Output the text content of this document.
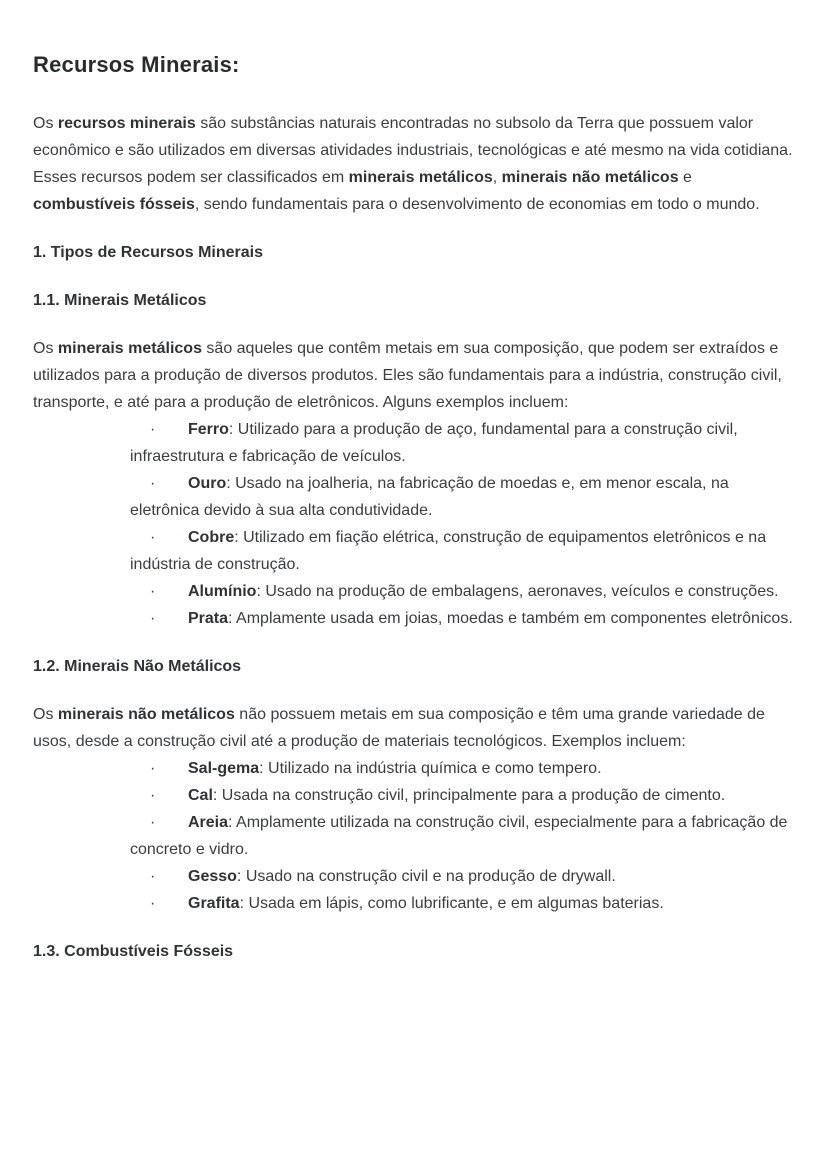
Recursos Minerais:

Os recursos minerais são substâncias naturais encontradas no subsolo da Terra que possuem valor econômico e são utilizados em diversas atividades industriais, tecnológicas e até mesmo na vida cotidiana. Esses recursos podem ser classificados em minerais metálicos, minerais não metálicos e combustíveis fósseis, sendo fundamentais para o desenvolvimento de economias em todo o mundo.

1. Tipos de Recursos Minerais
1.1. Minerais Metálicos

Os minerais metálicos são aqueles que contêm metais em sua composição, que podem ser extraídos e utilizados para a produção de diversos produtos. Eles são fundamentais para a indústria, construção civil, transporte, e até para a produção de eletrônicos. Alguns exemplos incluem:

· Ferro: Utilizado para a produção de aço, fundamental para a construção civil, infraestrutura e fabricação de veículos.
· Ouro: Usado na joalheria, na fabricação de moedas e, em menor escala, na eletrônica devido à sua alta condutividade.
· Cobre: Utilizado em fiação elétrica, construção de equipamentos eletrônicos e na indústria de construção.
· Alumínio: Usado na produção de embalagens, aeronaves, veículos e construções.
· Prata: Amplamente usada em joias, moedas e também em componentes eletrônicos.
1.2. Minerais Não Metálicos

Os minerais não metálicos não possuem metais em sua composição e têm uma grande variedade de usos, desde a construção civil até a produção de materiais tecnológicos. Exemplos incluem:

· Sal-gema: Utilizado na indústria química e como tempero.
· Cal: Usada na construção civil, principalmente para a produção de cimento.
· Areia: Amplamente utilizada na construção civil, especialmente para a fabricação de concreto e vidro.
· Gesso: Usado na construção civil e na produção de drywall.
· Grafita: Usada em lápis, como lubrificante, e em algumas baterias.
1.3. Combustíveis Fósseis
